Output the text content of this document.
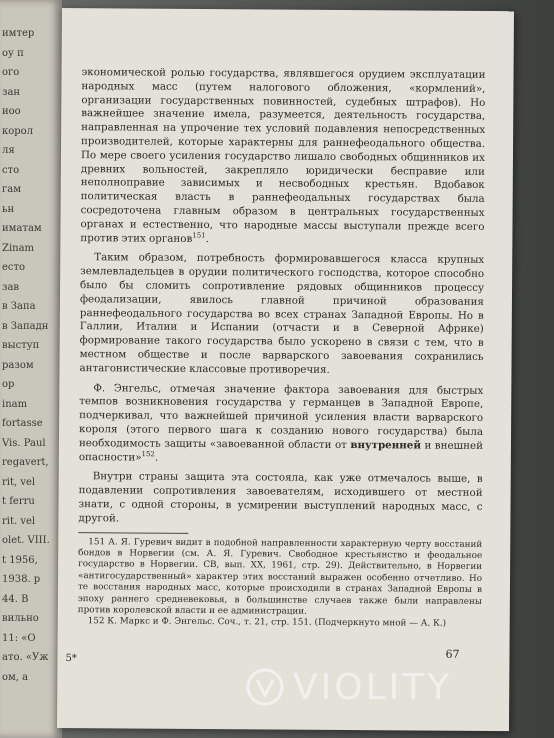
имтер
оу п
ого
зан
иоо
корол
ля
сто
гам
ьн
иматам
Zinam
есто
зав
в Запа
в Западн
выступ
разом
ор
inam
fortasse
Vis. Paul
regavert,
rit, vel
t ferru
rit. vel
olet. VIII.
t 1956,
1938. р
44. В
вильно
11: «О
ато. «Уж
ом, а

экономической ролью государства, являвшегося орудием эксплуатации народных масс (путем налогового обложения, «кормлений», организации государственных повинностей, судебных штрафов). Но важнейшее значение имела, разумеется, деятельность государства, направленная на упрочение тех условий подавления непосредственных производителей, которые характерны для раннефеодального общества. По мере своего усиления государство лишало свободных общинников их древних вольностей, закрепляло юридически бесправие или неполноправие зависимых и несвободных крестьян. Вдобавок политическая власть в раннефеодальных государствах была сосредоточена главным образом в центральных государственных органах и естественно, что народные массы выступали прежде всего против этих органов$^{151}$.

Таким образом, потребность формировавшегося класса крупных землевладельцев в орудии политического господства, которое способно было бы сломить сопротивление рядовых общинников процессу феодализации, явилось главной причиной образования раннефеодального государства во всех странах Западной Европы. Но в Галлии, Италии и Испании (отчасти и в Северной Африке) формирование такого государства было ускорено в связи с тем, что в местном обществе и после варварского завоевания сохранились антагонистические классовые противоречия.

Ф. Энгельс, отмечая значение фактора завоевания для быстрых темпов возникновения государства у германцев в Западной Европе, подчеркивал, что важнейшей причиной усиления власти варварского короля (этого первого шага к созданию нового государства) была необходимость защиты «завоеванной области от внутренней и внешней опасности»$^{152}$.

Внутри страны защита эта состояла, как уже отмечалось выше, в подавлении сопротивления завоевателям, исходившего от местной знати, с одной стороны, в усмирении выступлений народных масс, с другой.

151 А. Я. Гуревич видит в подобной направленности характерную черту восстаний бондов в Норвегии (см. А. Я. Гуревич. Свободное крестьянство и феодальное государство в Норвегии. СВ, вып. XX, 1961, стр. 29). Действительно, в Норвегии «антигосударственный» характер этих восстаний выражен особенно отчетливо. Но те восстания народных масс, которые происходили в странах Западной Европы в эпоху раннего средневековья, в большинстве случаев также были направлены против королевской власти и ее администрации.

152 К. Маркс и Ф. Энгельс. Соч., т. 21, стр. 151. (Подчеркнуто мной — А. К.)

5*	67
VIOLITY
